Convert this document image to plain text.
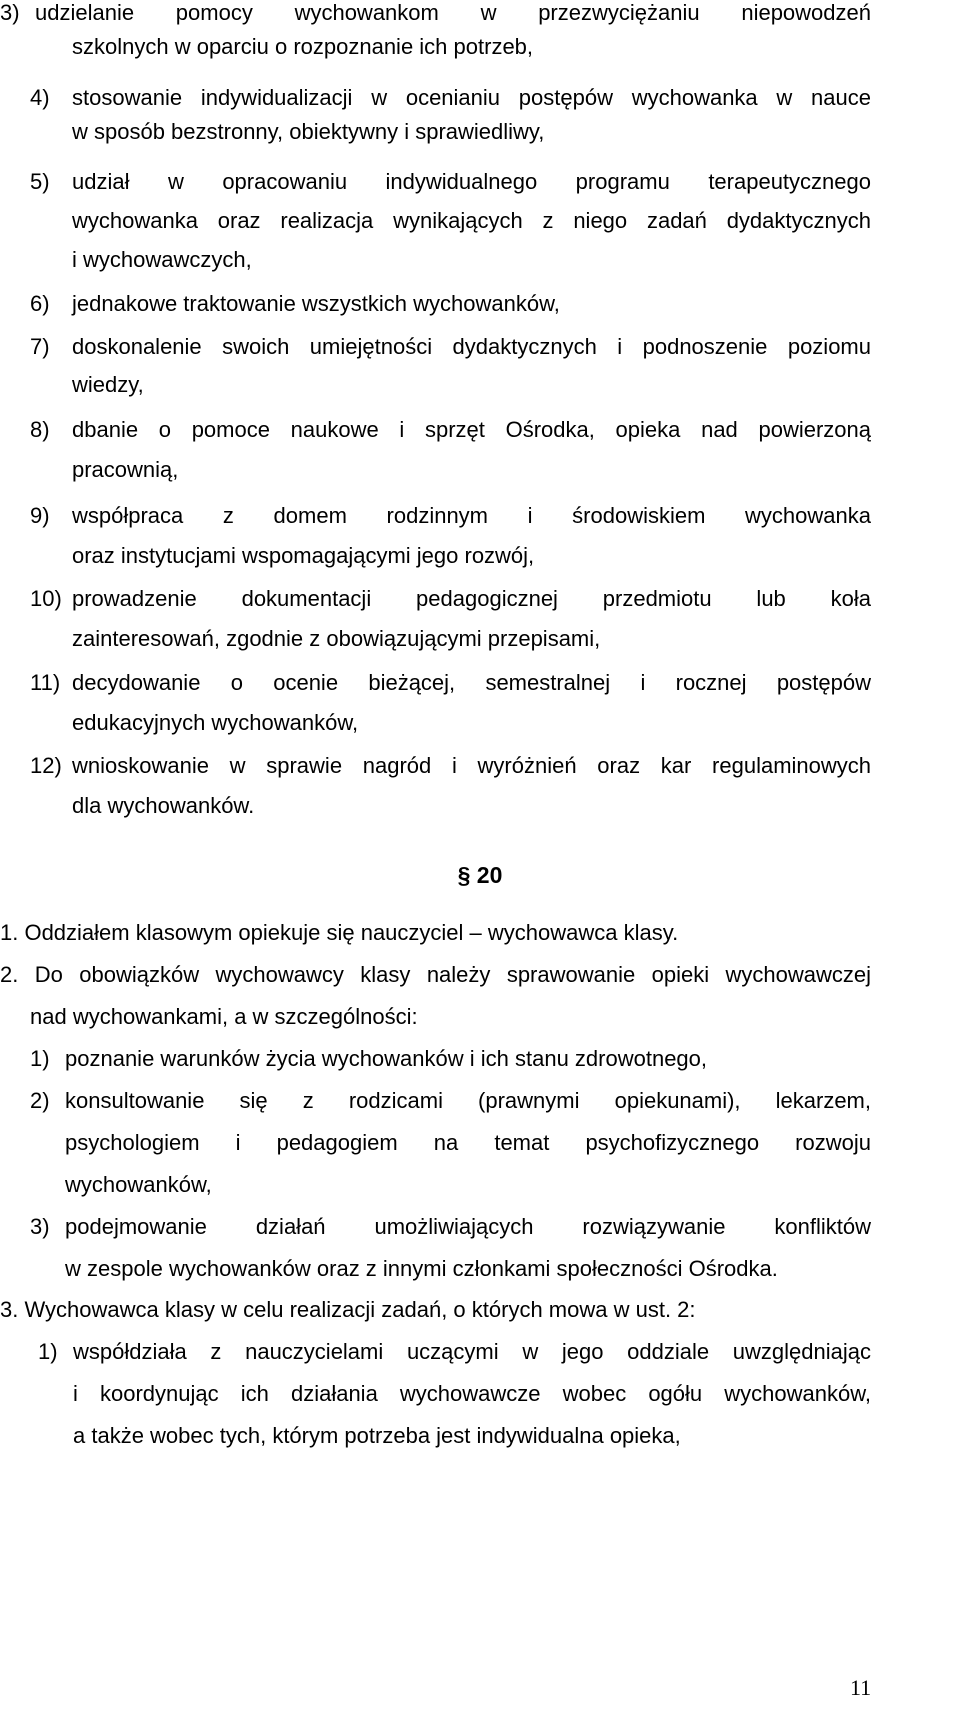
3) udzielanie pomocy wychowankom w przezwyciężaniu niepowodzeń
szkolnych w oparciu o rozpoznanie ich potrzeb,
4) stosowanie indywidualizacji w ocenianiu postępów wychowanka w nauce
w sposób bezstronny, obiektywny i sprawiedliwy,
5) udział w opracowaniu indywidualnego programu terapeutycznego
wychowanka oraz realizacja wynikających z niego zadań dydaktycznych
i wychowawczych,
6) jednakowe traktowanie wszystkich wychowanków,
7) doskonalenie swoich umiejętności dydaktycznych i podnoszenie poziomu
wiedzy,
8) dbanie o pomoce naukowe i sprzęt Ośrodka, opieka nad powierzoną
pracownią,
9) współpraca z domem rodzinnym i środowiskiem wychowanka
oraz instytucjami wspomagającymi jego rozwój,
10) prowadzenie dokumentacji pedagogicznej przedmiotu lub koła
zainteresowań, zgodnie z obowiązującymi przepisami,
11) decydowanie o ocenie bieżącej, semestralnej i rocznej postępów
edukacyjnych wychowanków,
12) wnioskowanie w sprawie nagród i wyróżnień oraz kar regulaminowych
dla wychowanków.
§ 20
1. Oddziałem klasowym opiekuje się nauczyciel – wychowawca klasy.
2. Do obowiązków wychowawcy klasy należy sprawowanie opieki wychowawczej
nad wychowankami, a w szczególności:
1) poznanie warunków życia wychowanków i ich stanu zdrowotnego,
2) konsultowanie się z rodzicami (prawnymi opiekunami), lekarzem,
psychologiem i pedagogiem na temat psychofizycznego rozwoju
wychowanków,
3) podejmowanie działań umożliwiających rozwiązywanie konfliktów
w zespole wychowanków oraz z innymi członkami społeczności Ośrodka.
3. Wychowawca klasy w celu realizacji zadań, o których mowa w ust. 2:
1) współdziała z nauczycielami uczącymi w jego oddziale uwzględniając
i koordynując ich działania wychowawcze wobec ogółu wychowanków,
a także wobec tych, którym potrzeba jest indywidualna opieka,
11
